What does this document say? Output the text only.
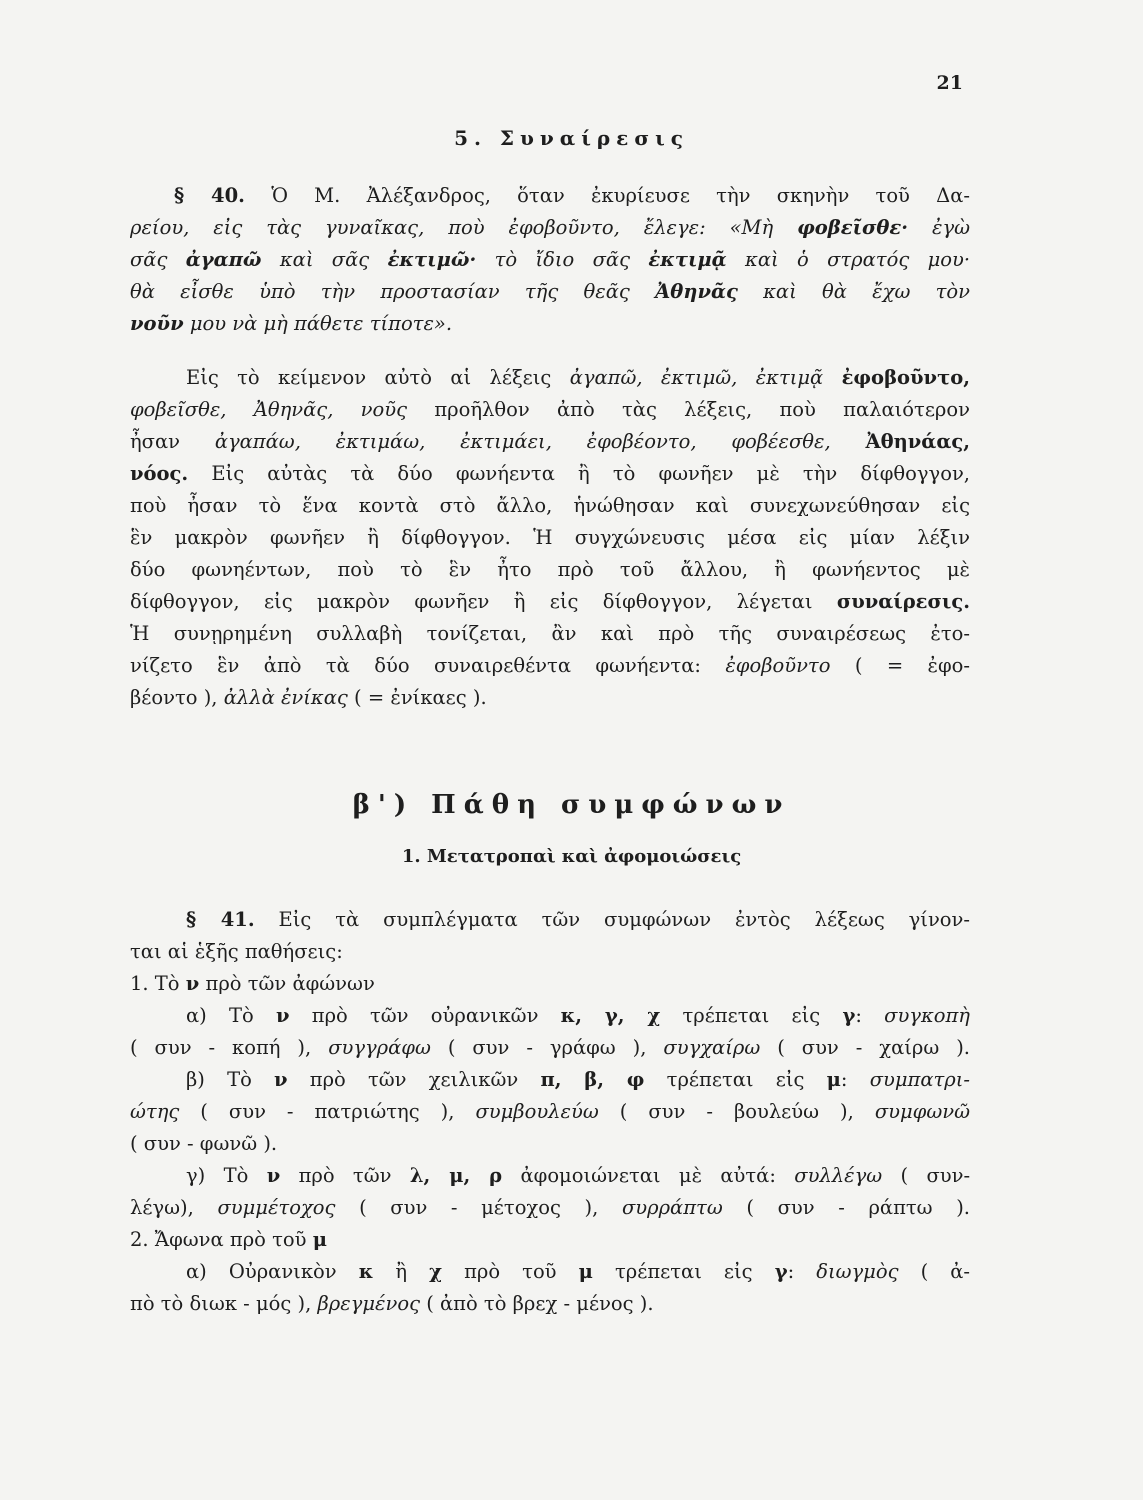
21
5. Συναίρεσις
§ 40. Ὁ Μ. Ἀλέξανδρος, ὅταν ἐκυρίευσε τὴν σκηνὴν τοῦ Δα-
ρείου, εἰς τὰς γυναῖκας, ποὺ ἐφοβοῦντο, ἔλεγε: «Μὴ φοβεῖσθε· ἐγὼ
σᾶς ἀγαπῶ καὶ σᾶς ἐκτιμῶ· τὸ ἴδιο σᾶς ἐκτιμᾷ καὶ ὁ στρατός μου·
θὰ εἶσθε ὑπὸ τὴν προστασίαν τῆς θεᾶς Ἀθηνᾶς καὶ θὰ ἔχω τὸν
νοῦν μου νὰ μὴ πάθετε τίποτε».
Εἰς τὸ κείμενον αὐτὸ αἱ λέξεις ἀγαπῶ, ἐκτιμῶ, ἐκτιμᾷ ἐφοβοῦντο,
φοβεῖσθε, Ἀθηνᾶς, νοῦς προῆλθον ἀπὸ τὰς λέξεις, ποὺ παλαιότερον
ἦσαν ἀγαπάω, ἐκτιμάω, ἐκτιμάει, ἐφοβέοντο, φοβέεσθε, Ἀθηνάας,
νόος. Εἰς αὐτὰς τὰ δύο φωνήεντα ἢ τὸ φωνῆεν μὲ τὴν δίφθογγον,
ποὺ ἦσαν τὸ ἕνα κοντὰ στὸ ἄλλο, ἡνώθησαν καὶ συνεχωνεύθησαν εἰς
ἓν μακρὸν φωνῆεν ἢ δίφθογγον. Ἡ συγχώνευσις μέσα εἰς μίαν λέξιν
δύο φωνηέντων, ποὺ τὸ ἓν ἦτο πρὸ τοῦ ἄλλου, ἢ φωνήεντος μὲ
δίφθογγον, εἰς μακρὸν φωνῆεν ἢ εἰς δίφθογγον, λέγεται συναίρεσις.
Ἡ συνῃρημένη συλλαβὴ τονίζεται, ἂν καὶ πρὸ τῆς συναιρέσεως ἐτο-
νίζετο ἓν ἀπὸ τὰ δύο συναιρεθέντα φωνήεντα: ἐφοβοῦντο ( = ἐφο-
βέοντο ), ἀλλὰ ἐνίκας ( = ἐνίκαες ).
β') Πάθη συμφώνων
1. Μετατροπαὶ καὶ ἀφομοιώσεις
§ 41. Εἰς τὰ συμπλέγματα τῶν συμφώνων ἐντὸς λέξεως γίνον-
ται αἱ ἑξῆς παθήσεις:
1. Τὸ ν πρὸ τῶν ἀφώνων
α) Τὸ ν πρὸ τῶν οὐρανικῶν κ, γ, χ τρέπεται εἰς γ: συγκοπὴ
( συν - κοπή ), συγγράφω ( συν - γράφω ), συγχαίρω ( συν - χαίρω ).
β) Τὸ ν πρὸ τῶν χειλικῶν π, β, φ τρέπεται εἰς μ: συμπατρι-
ώτης ( συν - πατριώτης ), συμβουλεύω ( συν - βουλεύω ), συμφωνῶ
( συν - φωνῶ ).
γ) Τὸ ν πρὸ τῶν λ, μ, ρ ἀφομοιώνεται μὲ αὐτά: συλλέγω ( συν-
λέγω), συμμέτοχος ( συν - μέτοχος ), συρράπτω ( συν - ράπτω ).
2. Ἄφωνα πρὸ τοῦ μ
α) Οὐρανικὸν κ ἢ χ πρὸ τοῦ μ τρέπεται εἰς γ: διωγμὸς ( ἀ-
πὸ τὸ διωκ - μός ), βρεγμένος ( ἀπὸ τὸ βρεχ - μένος ).
